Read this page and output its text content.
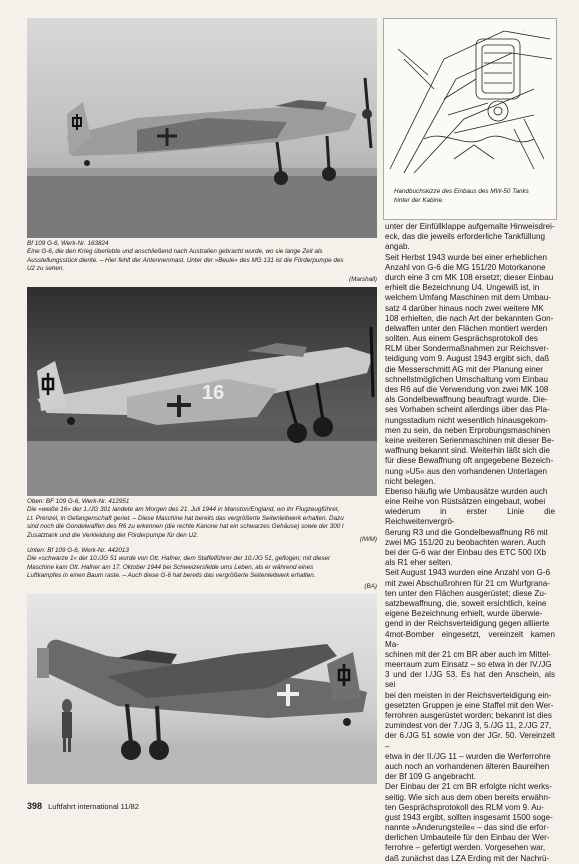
Bf 109 G-6, Werk-Nr. 163824

Eine G-6, die den Krieg überlebte und anschließend nach Australien gebracht wurde, wo sie lange Zeit als

Ausstellungsstück diente. – Hier fehlt der Antennenmast. Unter der »Beule« des MG 131 ist die Förderpumpe des

U2 zu sehen.

(Marshall)
16

Oben: BF 109 G-6, Werk-Nr. 412951

Die »weiße 16« der 1./JG 301 landete am Morgen des 21. Juli 1944 in Manston/England, wo ihr Flugzeugführer,

Lt. Prenzel, in Gefangenschaft geriet. – Diese Maschine hat bereits das vergrößerte Seitenleitwerk erhalten. Dazu

sind noch die Gondelwaffen des R6 zu erkennen (die rechte Kanone hat ein schwarzes Gehäuse) sowie der 300 l

Zusatztank und die Verkleidung der Förderpumpe für den U2.

(IWM)

Unten: Bf 109 G-6, Werk-Nr. 442013

Die »schwarze 1« der 10./JG 51 wurde von Ott. Hafner, dem Staffelführer der 10./JG 51, geflogen; mit dieser

Maschine kam Ott. Hafner am 17. Oktober 1944 bei Schweizersfelde ums Leben, als er während eines

Luftkampfes in einen Baum raste. – Auch diese G-6 hat bereits das vergrößerte Seitenleitwerk erhalten.

(BA)
.
Handbuchskizze des Einbaus des MW-50 Tanks
hinter der Kabine.

unter der Einfüllklappe aufgemalte Hinweisdrei-

eck, das die jeweils erforderliche Tankfüllung

angab.

Seit Herbst 1943 wurde bei einer erheblichen

Anzahl von G-6 die MG 151/20 Motorkanone

durch eine 3 cm MK 108 ersetzt; dieser Einbau

erhielt die Bezeichnung U4. Ungewiß ist, in

welchem Umfang Maschinen mit dem Umbau-

satz 4 darüber hinaus noch zwei weitere MK

108 erhielten, die nach Art der bekannten Gon-

delwaffen unter den Flächen montiert werden

sollten. Aus einem Gesprächsprotokoll des

RLM über Sondermaßnahmen zur Reichsver-

teidigung vom 9. August 1943 ergibt sich, daß

die Messerschmitt AG mit der Planung einer

schnellstmöglichen Umschaltung vom Einbau

des R6 auf die Verwendung von zwei MK 108

als Gondelbewaffnung beauftragt wurde. Die-

ses Vorhaben scheint allerdings über das Pla-

nungsstadium nicht wesentlich hinausgekom-

men zu sein, da neben Erprobungsmaschinen

keine weiteren Serienmaschinen mit dieser Be-

waffnung bekannt sind. Weiterhin läßt sich die

für diese Bewaffnung oft angegebene Bezeich-

nung »U5« aus den vorhandenen Unterlagen

nicht belegen.

Ebenso häufig wie Umbausätze wurden auch

eine Reihe von Rüstsätzen eingebaut, wobei

wiederum in erster Linie die Reichweitenvergrö-

ßerung R3 und die Gondelbewaffnung R6 mit

zwei MG 151/20 zu beobachten waren. Auch

bei der G-6 war der Einbau des ETC 500 IXb

als R1 eher selten.

Seit August 1943 wurden eine Anzahl von G-6

mit zwei Abschußrohren für 21 cm Wurfgrana-

ten unter den Flächen ausgerüstet; diese Zu-

satzbewaffnung, die, soweit ersichtlich, keine

eigene Bezeichnung erhielt, wurde überwie-

gend in der Reichsverteidigung gegen alliierte

4mot-Bomber eingesetzt, vereinzelt kamen Ma-

schinen mit der 21 cm BR aber auch im Mittel-

meerraum zum Einsatz – so etwa in der IV./JG

3 und der I./JG 53. Es hat den Anschein, als sei

bei den meisten in der Reichsverteidigung ein-

gesetzten Gruppen je eine Staffel mit den Wer-

ferrohren ausgerüstet worden; bekannt ist dies

zumindest von der 7./JG 3, 5./JG 11, 2./JG 27,

der 6./JG 51 sowie von der JGr. 50. Vereinzelt –

etwa in der II./JG 11 – wurden die Werferrohre

auch noch an vorhandenen älteren Baureihen

der Bf 109 G angebracht.

Der Einbau der 21 cm BR erfolgte nicht werks-

seitig. Wie sich aus dem oben bereits erwähn-

ten Gesprächsprotokoll des RLM vom 9. Au-

gust 1943 ergibt, sollten insgesamt 1500 soge-

nannte »Änderungsteile« – das sind die erfor-

derlichen Umbauteile für den Einbau der Wer-

ferrohre – gefertigt werden. Vorgesehen war,

daß zunächst das LZA Erding mit der Nachrü-

398 Luftfahrt international 11/82
